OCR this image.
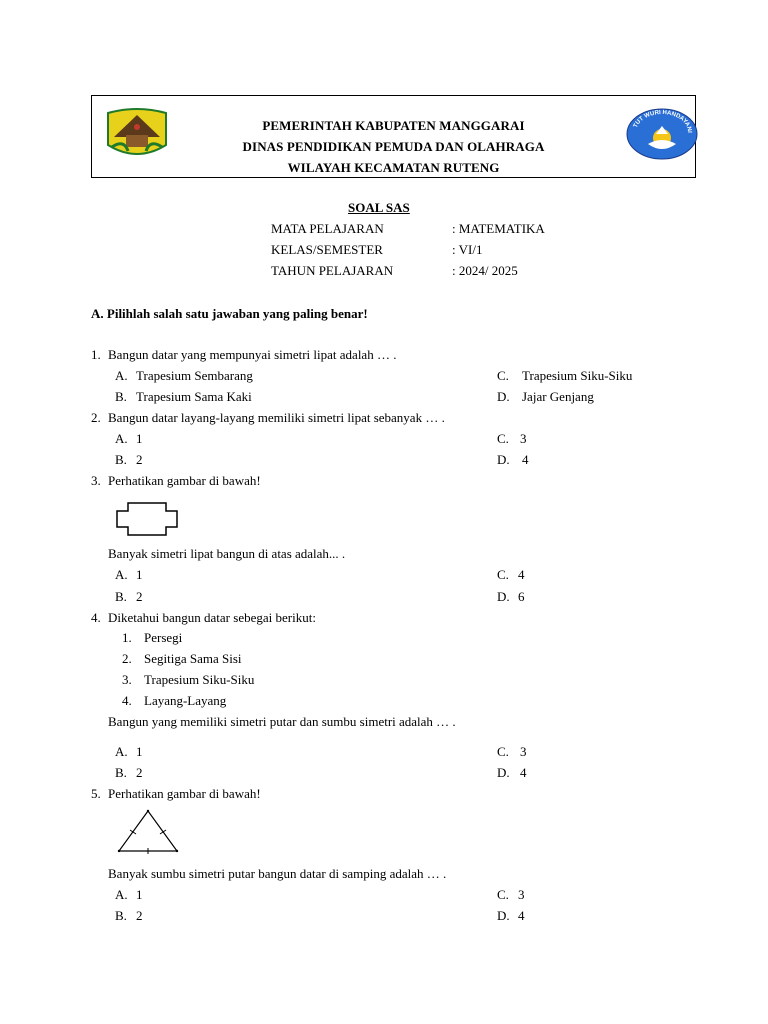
PEMERINTAH KABUPATEN MANGGARAI
DINAS PENDIDIKAN PEMUDA DAN OLAHRAGA
WILAYAH KECAMATAN RUTENG
TUT WURI HANDAYANI
SOAL SAS
MATA PELAJARAN	: MATEMATIKA
KELAS/SEMESTER	: VI/1
TAHUN PELAJARAN	: 2024/ 2025
A. Pilihlah salah satu jawaban yang paling benar!
1. Bangun datar yang mempunyai simetri lipat adalah … .
A. Trapesium Sembarang	C. Trapesium Siku-Siku
B. Trapesium Sama Kaki	D. Jajar Genjang
2. Bangun datar layang-layang memiliki simetri lipat sebanyak … .
A. 1	C. 3
B. 2	D. 4
3. Perhatikan gambar di bawah!
Banyak simetri lipat bangun di atas adalah... .
A. 1	C. 4
B. 2	D. 6
4. Diketahui bangun datar sebegai berikut:
1. Persegi
2. Segitiga Sama Sisi
3. Trapesium Siku-Siku
4. Layang-Layang
Bangun yang memiliki simetri putar dan sumbu simetri adalah … .
A. 1	C. 3
B. 2	D. 4
5. Perhatikan gambar di bawah!
Banyak sumbu simetri putar bangun datar di samping adalah … .
A. 1	C. 3
B. 2	D. 4
